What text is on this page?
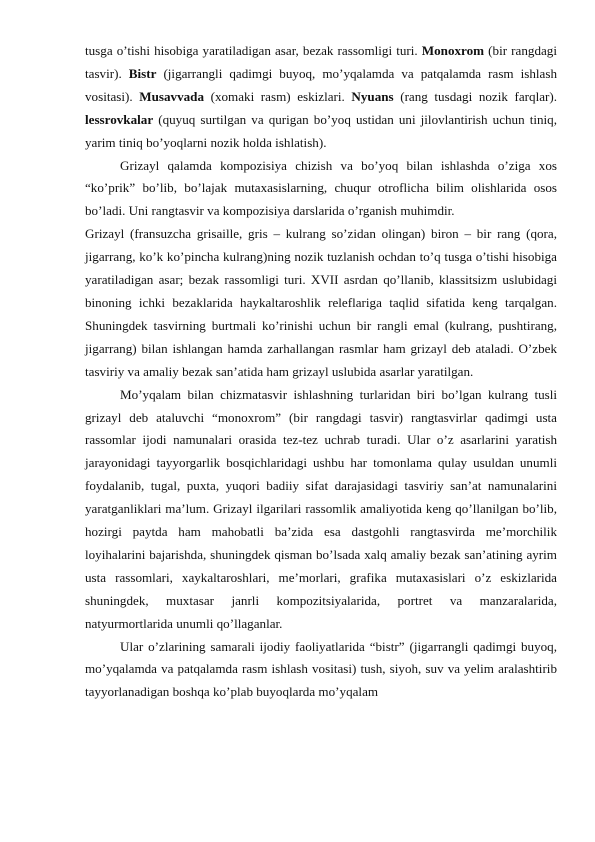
tusga o’tishi hisobiga yaratiladigan asar, bezak rassomligi turi. Monoxrom (bir rangdagi tasvir). Bistr (jigarrangli qadimgi buyoq, mo’yqalamda va patqalamda rasm ishlash vositasi). Musavvada (xomaki rasm) eskizlari. Nyuans (rang tusdagi nozik farqlar). lessrovkalar (quyuq surtilgan va qurigan bo’yoq ustidan uni jilovlantirish uchun tiniq, yarim tiniq bo’yoqlarni nozik holda ishlatish).

Grizayl qalamda kompozisiya chizish va bo’yoq bilan ishlashda o’ziga xos “ko’prik” bo’lib, bo’lajak mutaxasislarning, chuqur otroflicha bilim olishlarida osos bo’ladi. Uni rangtasvir va kompozisiya darslarida o’rganish muhimdir.

Grizayl (fransuzcha grisaille, gris – kulrang so’zidan olingan) biron – bir rang (qora, jigarrang, ko’k ko’pincha kulrang)ning nozik tuzlanish ochdan to’q tusga o’tishi hisobiga yaratiladigan asar; bezak rassomligi turi. XVII asrdan qo’llanib, klassitsizm uslubidagi binoning ichki bezaklarida haykaltaroshlik releflariga taqlid sifatida keng tarqalgan. Shuningdek tasvirning burtmali ko’rinishi uchun bir rangli emal (kulrang, pushtirang, jigarrang) bilan ishlangan hamda zarhallangan rasmlar ham grizayl deb ataladi. O’zbek tasviriy va amaliy bezak san’atida ham grizayl uslubida asarlar yaratilgan.

Mo’yqalam bilan chizmatasvir ishlashning turlaridan biri bo’lgan kulrang tusli grizayl deb ataluvchi “monoxrom” (bir rangdagi tasvir) rangtasvirlar qadimgi usta rassomlar ijodi namunalari orasida tez-tez uchrab turadi. Ular o’z asarlarini yaratish jarayonidagi tayyorgarlik bosqichlaridagi ushbu har tomonlama qulay usuldan unumli foydalanib, tugal, puxta, yuqori badiiy sifat darajasidagi tasviriy san’at namunalarini yaratganliklari ma’lum. Grizayl ilgarilari rassomlik amaliyotida keng qo’llanilgan bo’lib, hozirgi paytda ham mahobatli ba’zida esa dastgohli rangtasvirda me’morchilik loyihalarini bajarishda, shuningdek qisman bo’lsada xalq amaliy bezak san’atining ayrim usta rassomlari, xaykaltaroshlari, me’morlari, grafika mutaxasislari o’z eskizlarida shuningdek, muxtasar janrli kompozitsiyalarida, portret va manzaralarida, natyurmortlarida unumli qo’llaganlar.

Ular o’zlarining samarali ijodiy faoliyatlarida “bistr” (jigarrangli qadimgi buyoq, mo’yqalamda va patqalamda rasm ishlash vositasi) tush, siyoh, suv va yelim aralashtirib tayyorlanadigan boshqa ko’plab buyoqlarda mo’yqalam
